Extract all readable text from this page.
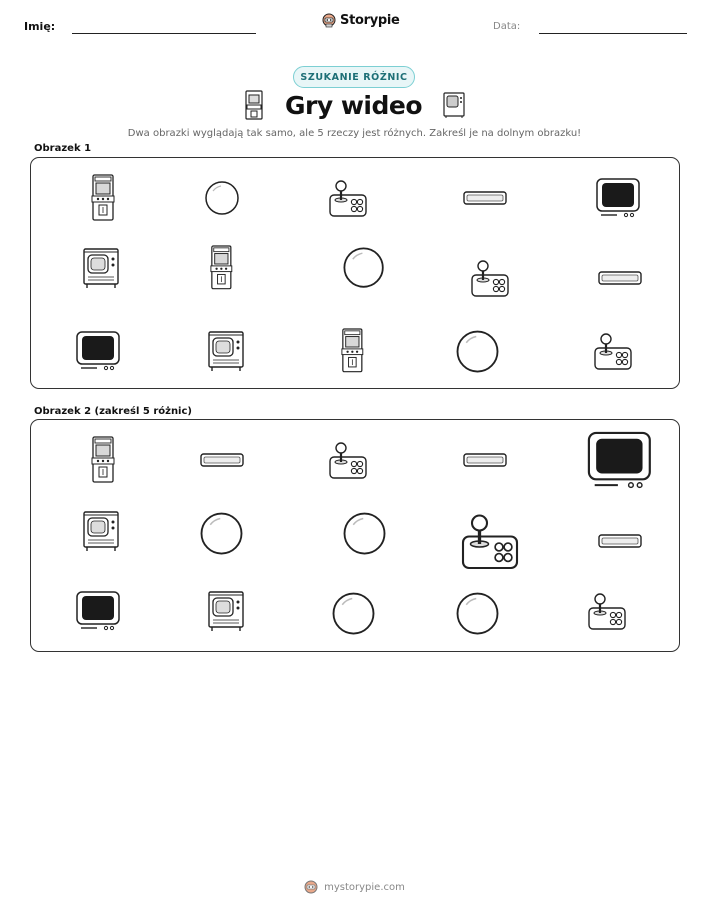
Imię:	Storypie	Data:
SZUKANIE RÓŻNIC
Gry wideo
Dwa obrazki wyglądają tak samo, ale 5 rzeczy jest różnych. Zakreśl je na dolnym obrazku!
Obrazek 1
Obrazek 2 (zakreśl 5 różnic)
mystorypie.com
